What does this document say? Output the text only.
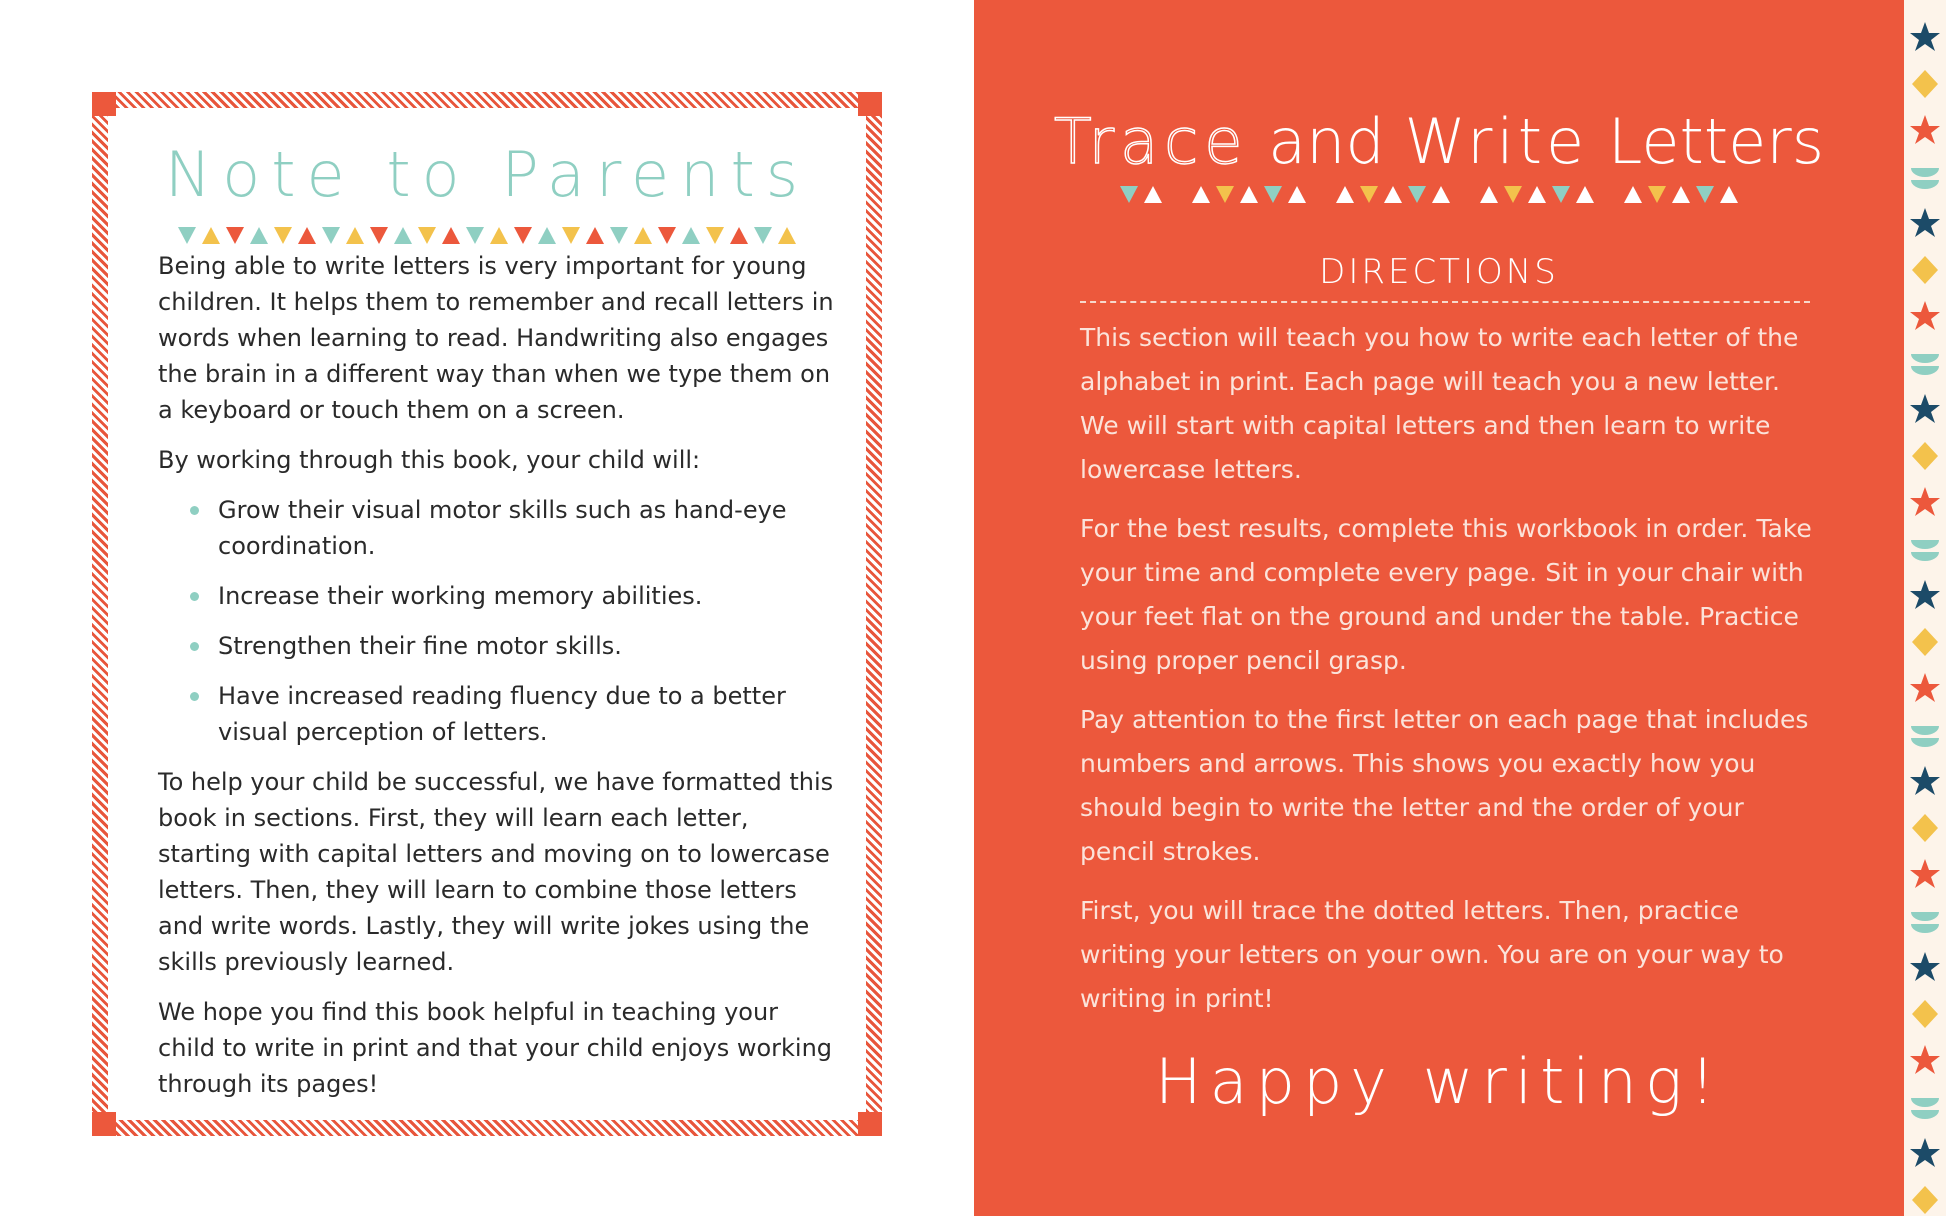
Note to Parents

Being able to write letters is very important for young children. It helps them to remember and recall letters in words when learning to read. Handwriting also engages the brain in a different way than when we type them on a keyboard or touch them on a screen.

By working through this book, your child will:

Grow their visual motor skills such as hand-eye coordination.
Increase their working memory abilities.
Strengthen their fine motor skills.
Have increased reading fluency due to a better visual perception of letters.

To help your child be successful, we have formatted this book in sections. First, they will learn each letter, starting with capital letters and moving on to lowercase letters. Then, they will learn to combine those letters and write words. Lastly, they will write jokes using the skills previously learned.

We hope you find this book helpful in teaching your child to write in print and that your child enjoys working through its pages!

Trace and Write Letters
DIRECTIONS

This section will teach you how to write each letter of the alphabet in print. Each page will teach you a new letter. We will start with capital letters and then learn to write lowercase letters.

For the best results, complete this workbook in order. Take your time and complete every page. Sit in your chair with your feet flat on the ground and under the table. Practice using proper pencil grasp.

Pay attention to the first letter on each page that includes numbers and arrows. This shows you exactly how you should begin to write the letter and the order of your pencil strokes.

First, you will trace the dotted letters. Then, practice writing your letters on your own. You are on your way to writing in print!

Happy writing!
